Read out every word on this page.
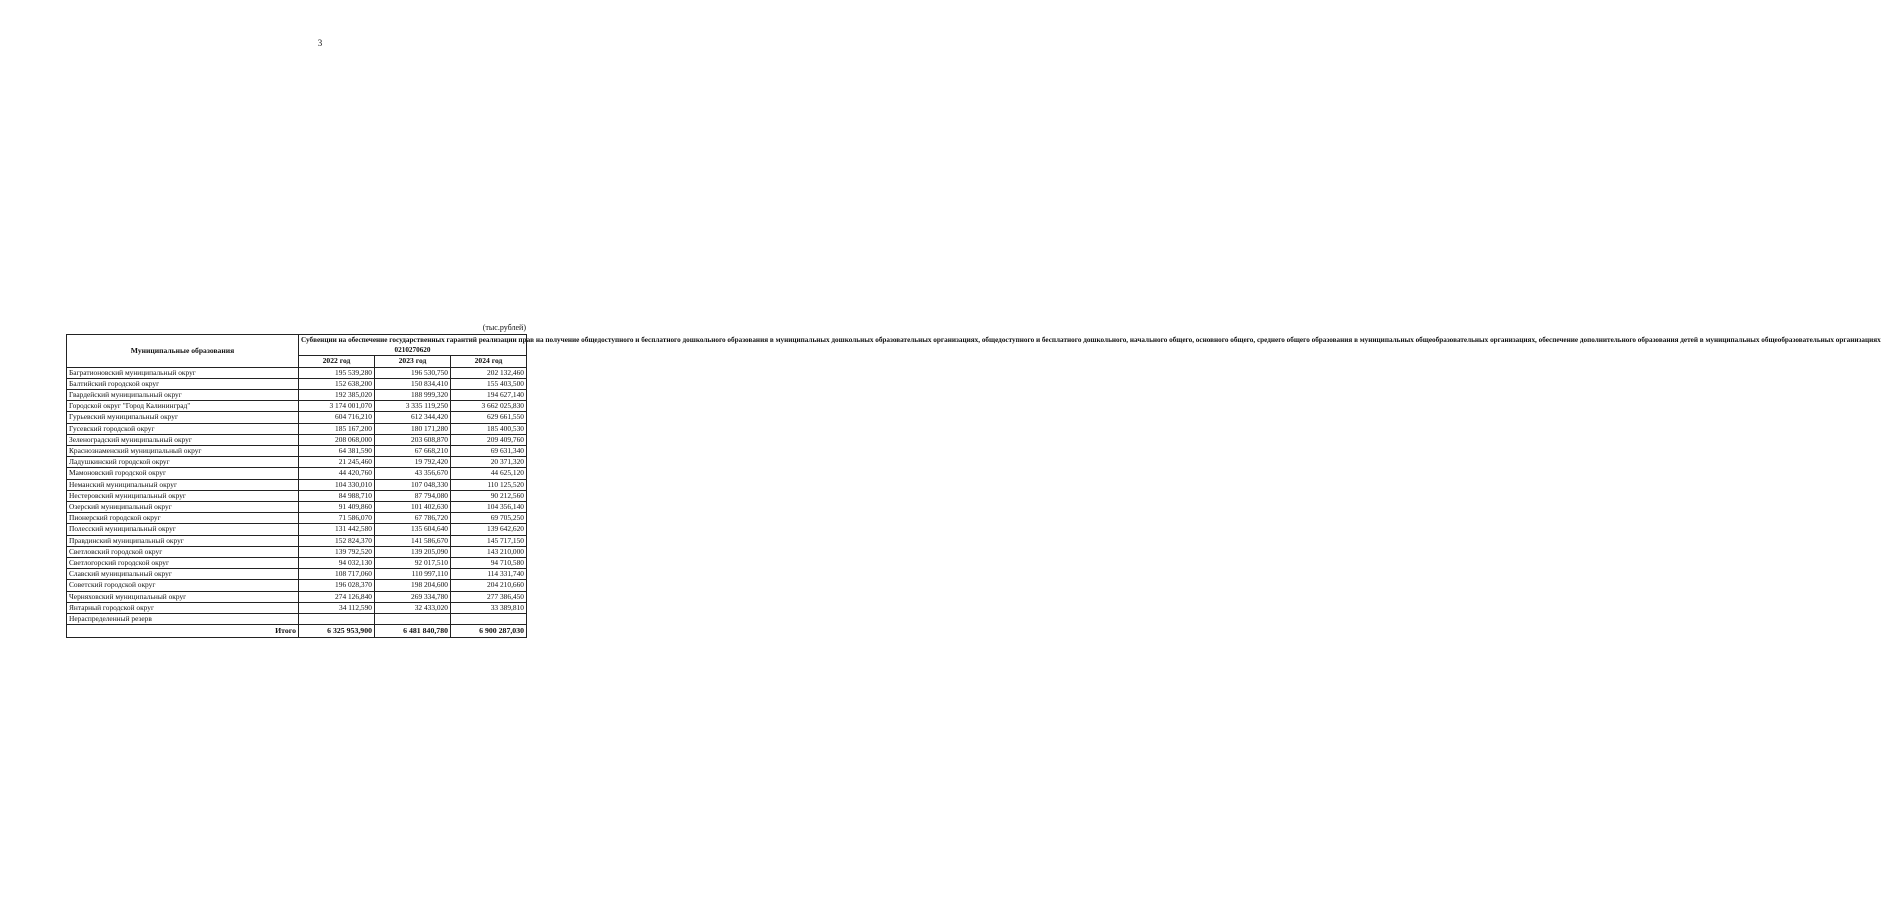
3
(тыс.рублей)
Муниципальные образования	Субвенции на обеспечение государственных гарантий реализации прав на получение общедоступного и бесплатного дошкольного образования в муниципальных дошкольных образовательных организациях, общедоступного и бесплатного дошкольного, начального общего, основного общего, среднего общего образования в муниципальных общеобразовательных организациях, обеспечение дополнительного образования детей в муниципальных общеобразовательных организациях
0210270620		
	2022 год	2023 год	2024 год
Багратионовский муниципальный округ	195 539,280	196 530,750	202 132,460
Балтийский городской округ	152 638,200	150 834,410	155 403,500
Гвардейский муниципальный округ	192 385,020	188 999,320	194 627,140
Городской округ "Город Калининград"	3 174 001,070	3 335 119,250	3 662 025,830
Гурьевский муниципальный округ	604 716,210	612 344,420	629 661,550
Гусевский городской округ	185 167,200	180 171,280	185 400,530
Зеленоградский муниципальный округ	208 068,000	203 608,870	209 409,760
Краснознаменский муниципальный округ	64 381,590	67 668,210	69 631,340
Ладушкинский городской округ	21 245,460	19 792,420	20 371,320
Мамоновский городской округ	44 420,760	43 356,670	44 625,120
Неманский муниципальный округ	104 330,010	107 048,330	110 125,520
Нестеровский муниципальный округ	84 988,710	87 794,080	90 212,560
Озерский муниципальный округ	91 409,860	101 402,630	104 356,140
Пионерский городской округ	71 586,070	67 786,720	69 705,250
Полесский муниципальный округ	131 442,580	135 604,640	139 642,620
Правдинский муниципальный округ	152 824,370	141 586,670	145 717,150
Светловский городской округ	139 792,520	139 205,090	143 210,000
Светлогорский городской округ	94 032,130	92 017,510	94 710,580
Славский муниципальный округ	108 717,060	110 997,110	114 331,740
Советский городской округ	196 028,370	198 204,600	204 210,660
Черняховский муниципальный округ	274 126,840	269 334,780	277 386,450
Янтарный городской округ	34 112,590	32 433,020	33 389,810
Нераспределенный резерв			
Итого	6 325 953,900	6 481 840,780	6 900 287,030
